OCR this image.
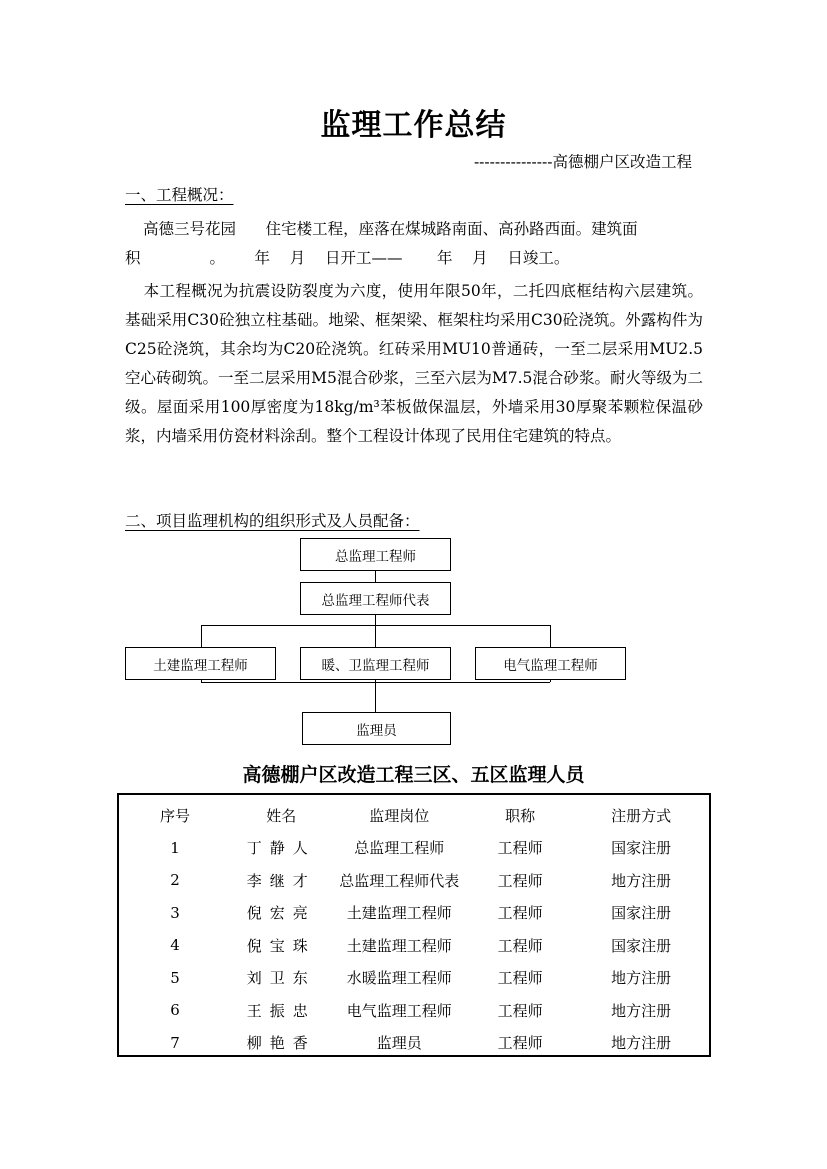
监理工作总结
---------------高德棚户区改造工程
一、工程概况：
高德三号花园      住宅楼工程，座落在煤城路南面、高孙路西面。建筑面
积              。      年    月    日开工——       年    月    日竣工。
本工程概况为抗震设防裂度为六度，使用年限50年，二托四底框结构六层建筑。基础采用C30砼独立柱基础。地梁、框架梁、框架柱均采用C30砼浇筑。外露构件为C25砼浇筑，其余均为C20砼浇筑。红砖采用MU10普通砖，一至二层采用MU2.5空心砖砌筑。一至二层采用M5混合砂浆，三至六层为M7.5混合砂浆。耐火等级为二级。屋面采用100厚密度为18kg/m³苯板做保温层，外墙采用30厚聚苯颗粒保温砂浆，内墙采用仿瓷材料涂刮。整个工程设计体现了民用住宅建筑的特点。
二、项目监理机构的组织形式及人员配备：
总监理工程师
总监理工程师代表
土建监理工程师	暖、卫监理工程师	电气监理工程师
监理员
高德棚户区改造工程三区、五区监理人员
序号	姓名	监理岗位	职称	注册方式
1	丁静人	总监理工程师	工程师	国家注册
2	李继才	总监理工程师代表	工程师	地方注册
3	倪宏亮	土建监理工程师	工程师	国家注册
4	倪宝珠	土建监理工程师	工程师	国家注册
5	刘卫东	水暖监理工程师	工程师	地方注册
6	王振忠	电气监理工程师	工程师	地方注册
7	柳艳香	监理员	工程师	地方注册
